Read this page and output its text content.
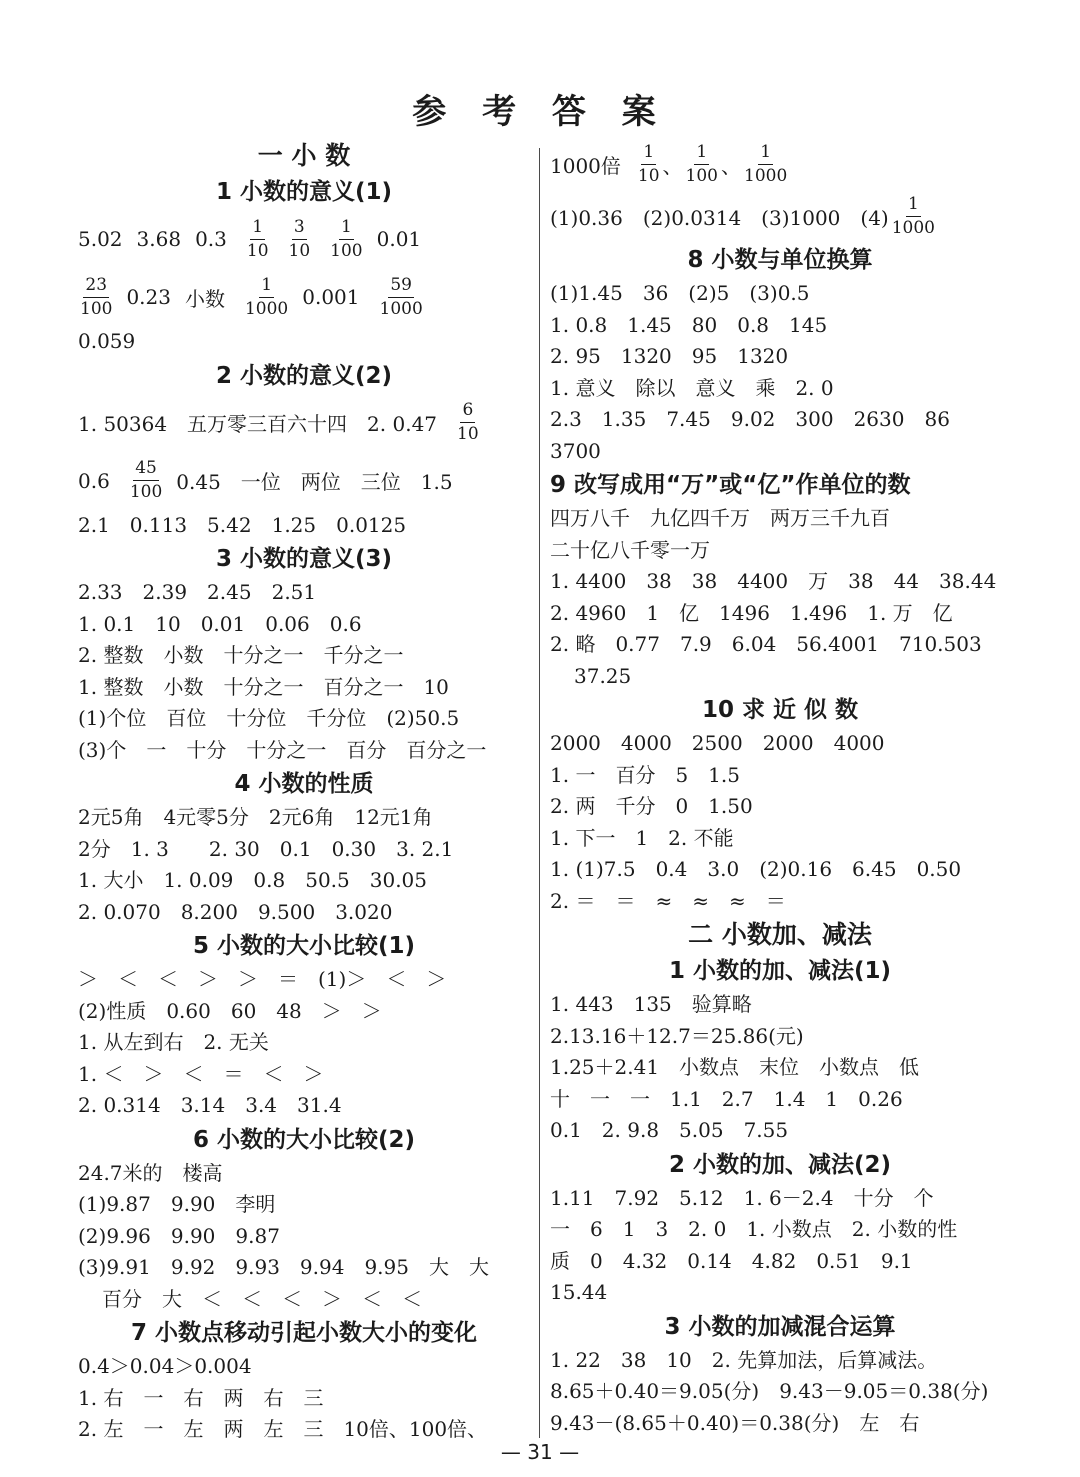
参 考 答 案
一 小 数
1 小数的意义(1)
5.02 3.68 $0.3 \frac{1}{10} \frac{3}{10} \frac{1}{100} 0.01$
$\frac{23}{100} 0.23$ 小数 $\frac{1}{1000} 0.001 \frac{59}{1000}$
0.059
2 小数的意义(2)
1. 50364　五万零三百六十四　2. $0.47 \frac{6}{10}$
$0.6 \frac{45}{100} 0.45$　一位　两位　三位　1.5
2.1　0.113　5.42　1.25　0.0125
3 小数的意义(3)
2.33　2.39　2.45　2.51
1. 0.1　10　0.01　0.06　0.6
2. 整数　小数　十分之一　千分之一
1. 整数　小数　十分之一　百分之一　10
(1)个位　百位　十分位　千分位　(2)50.5
(3)个　一　十分　十分之一　百分　百分之一
4 小数的性质
2元5角　4元零5分　2元6角　12元1角
2分　1. 3　　2. 30　0.1　0.30　3. 2.1
1. 大小　1. 0.09　0.8　50.5　30.05
2. 0.070　8.200　9.500　3.020
5 小数的大小比较(1)
＞　＜　＜　＞　＞　＝　(1)＞　＜　＞
(2)性质　0.60　60　48　＞　＞
1. 从左到右　2. 无关
1. ＜　＞　＜　＝　＜　＞
2. 0.314　3.14　3.4　31.4
6 小数的大小比较(2)
24.7米的　楼高
(1)9.87　9.90　李明
(2)9.96　9.90　9.87
(3)9.91　9.92　9.93　9.94　9.95　大　大
百分　大　＜　＜　＜　＞　＜　＜
7 小数点移动引起小数大小的变化
0.4＞0.04＞0.004
1. 右　一　右　两　右　三
2. 左　一　左　两　左　三　10倍、100倍、
1000倍 $\frac{1}{10}$ 、 $\frac{1}{100}$ 、 $\frac{1}{1000}$
(1)0.36　(2)0.0314　(3)1000　$(4) \frac{1}{1000}$
8 小数与单位换算
(1)1.45　36　(2)5　(3)0.5
1. 0.8　1.45　80　0.8　145
2. 95　1320　95　1320
1. 意义　除以　意义　乘　2. 0
2.3　1.35　7.45　9.02　300　2630　86
3700
9 改写成用“万”或“亿”作单位的数
四万八千　九亿四千万　两万三千九百
二十亿八千零一万
1. 4400　38　38　4400　万　38　44　38.44
2. 4960　1　亿　1496　1.496　1. 万　亿
2. 略　0.77　7.9　6.04　56.4001　710.503
37.25
10 求 近 似 数
2000　4000　2500　2000　4000
1. 一　百分　5　1.5
2. 两　千分　0　1.50
1. 下一　1　2. 不能
1. (1)7.5　0.4　3.0　(2)0.16　6.45　0.50
2. ＝　＝　≈　≈　≈　＝
二 小数加、减法
1 小数的加、减法(1)
1. 443　135　验算略
2.13.16＋12.7＝25.86(元)
1.25＋2.41　小数点　末位　小数点　低
十　一　一　1.1　2.7　1.4　1　0.26
0.1　2. 9.8　5.05　7.55
2 小数的加、减法(2)
1.11　7.92　5.12　1. 6－2.4　十分　个
一　6　1　3　2. 0　1. 小数点　2. 小数的性
质　0　4.32　0.14　4.82　0.51　9.1
15.44
3 小数的加减混合运算
1. 22　38　10　2. 先算加法，后算减法。
8.65＋0.40＝9.05(分)　9.43－9.05＝0.38(分)
9.43－(8.65＋0.40)＝0.38(分)　左　右
— 31 —
